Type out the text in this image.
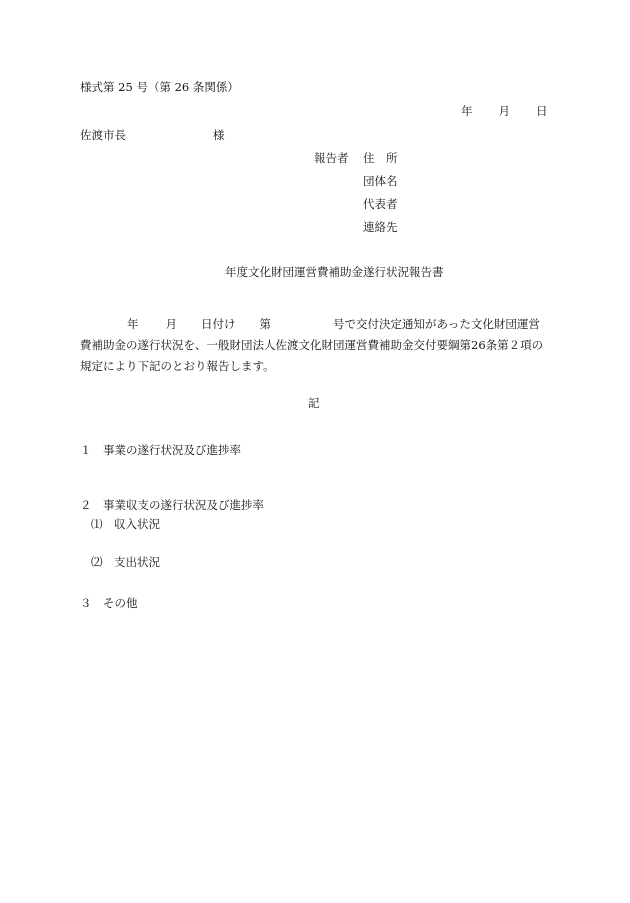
様式第 25 号（第 26 条関係）
年 月 日
佐渡市長	様
報告者 住　所
団体名
代表者
連絡先
年度文化財団運営費補助金遂行状況報告書
年 月 日付け 第	号で交付決定通知があった文化財団運営費補助金の遂行状況を、一般財団法人佐渡文化財団運営費補助金交付要綱第26条第２項の規定により下記のとおり報告します。
記
１　事業の遂行状況及び進捗率
２　事業収支の遂行状況及び進捗率
⑴　収入状況
⑵　支出状況
３　その他
